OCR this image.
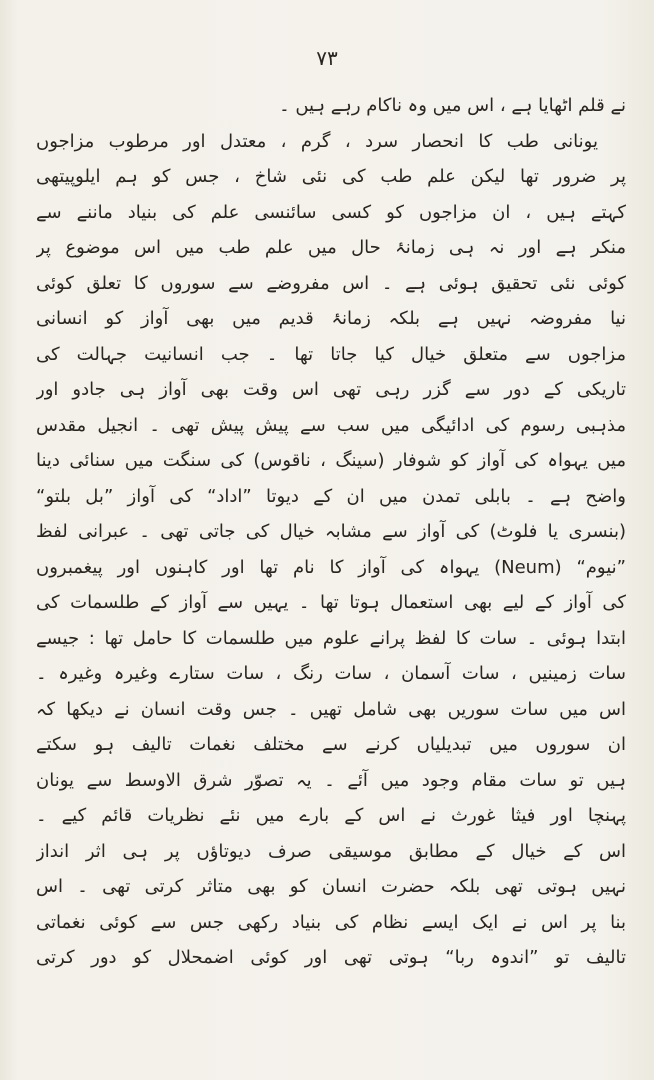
۷۳
نے قلم اٹھایا ہے ، اس میں وہ ناکام رہے ہیں ۔
یونانی طب کا انحصار سرد ، گرم ، معتدل اور مرطوب مزاجوں
پر ضرور تھا لیکن علم طب کی نئی شاخ ، جس کو ہم ایلوپیتھی
کہتے ہیں ، ان مزاجوں کو کسی سائنسی علم کی بنیاد ماننے سے
منکر ہے اور نہ ہی زمانۂ حال میں علم طب میں اس موضوع پر
کوئی نئی تحقیق ہوئی ہے ۔ اس مفروضے سے سوروں کا تعلق کوئی
نیا مفروضہ نہیں ہے بلکہ زمانۂ قدیم میں بھی آواز کو انسانی
مزاجوں سے متعلق خیال کیا جاتا تھا ۔ جب انسانیت جہالت کی
تاریکی کے دور سے گزر رہی تھی اس وقت بھی آواز ہی جادو اور
مذہبی رسوم کی ادائیگی میں سب سے پیش پیش تھی ۔ انجیل مقدس
میں یہواہ کی آواز کو شوفار (سینگ ، ناقوس) کی سنگت میں سنائی دینا
واضح ہے ۔ بابلی تمدن میں ان کے دیوتا ”اداد“ کی آواز ”بل بلتو“
(بنسری یا فلوٹ) کی آواز سے مشابہ خیال کی جاتی تھی ۔ عبرانی لفظ
”نیوم“ (Neum) یہواہ کی آواز کا نام تھا اور کاہنوں اور پیغمبروں
کی آواز کے لیے بھی استعمال ہوتا تھا ۔ یہیں سے آواز کے طلسمات کی
ابتدا ہوئی ۔ سات کا لفظ پرانے علوم میں طلسمات کا حامل تھا : جیسے
سات زمینیں ، سات آسمان ، سات رنگ ، سات ستارے وغیرہ وغیرہ ۔
اس میں سات سوریں بھی شامل تھیں ۔ جس وقت انسان نے دیکھا کہ
ان سوروں میں تبدیلیاں کرنے سے مختلف نغمات تالیف ہو سکتے
ہیں تو سات مقام وجود میں آئے ۔ یہ تصوّر شرق الاوسط سے یونان
پہنچا اور فیثا غورث نے اس کے بارے میں نئے نظریات قائم کیے ۔
اس کے خیال کے مطابق موسیقی صرف دیوتاؤں پر ہی اثر انداز
نہیں ہوتی تھی بلکہ حضرت انسان کو بھی متاثر کرتی تھی ۔ اس
بنا پر اس نے ایک ایسے نظام کی بنیاد رکھی جس سے کوئی نغماتی
تالیف تو ”اندوہ ربا“ ہوتی تھی اور کوئی اضمحلال کو دور کرتی
